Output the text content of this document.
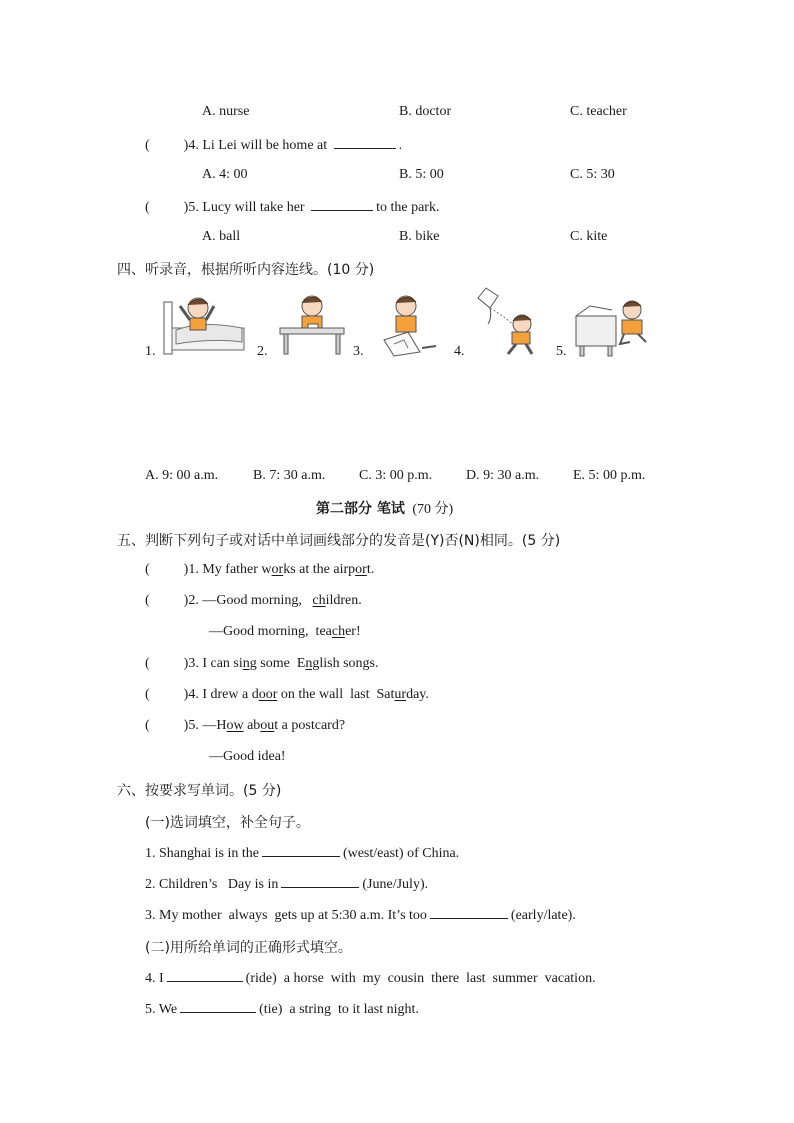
A. nurse	B. doctor	C. teacher
( )4. Li Lei will be home at	.
A. 4: 00	B. 5: 00	C. 5: 30
( )5. Lucy will take her	to the park.
A. ball	B. bike	C. kite
四、听录音，根据所听内容连线。(10 分)
1.	2.	3.	4.	5.
A. 9: 00 a.m. B. 7: 30 a.m. C. 3: 00 p.m. D. 9: 30 a.m. E. 5: 00 p.m.
第二部分 笔试 (70 分)
五、判断下列句子或对话中单词画线部分的发音是(Y)否(N)相同。(5 分)
( )1. My father works at the airport.
( )2. —Good morning,   children.
—Good morning,  teacher!
( )3. I can sing some  English songs.
( )4. I drew a door on the wall  last  Saturday.
( )5. —How about a postcard?
—Good idea!
六、按要求写单词。(5 分)
(一)选词填空，补全句子。
1. Shanghai is in the	(west/east) of China.
2. Children’s   Day is in	(June/July).
3. My mother  always  gets up at 5:30 a.m. It’s too	(early/late).
(二)用所给单词的正确形式填空。
4. I	(ride)  a horse  with  my  cousin  there  last  summer  vacation.
5. We	(tie)  a string  to it last night.
